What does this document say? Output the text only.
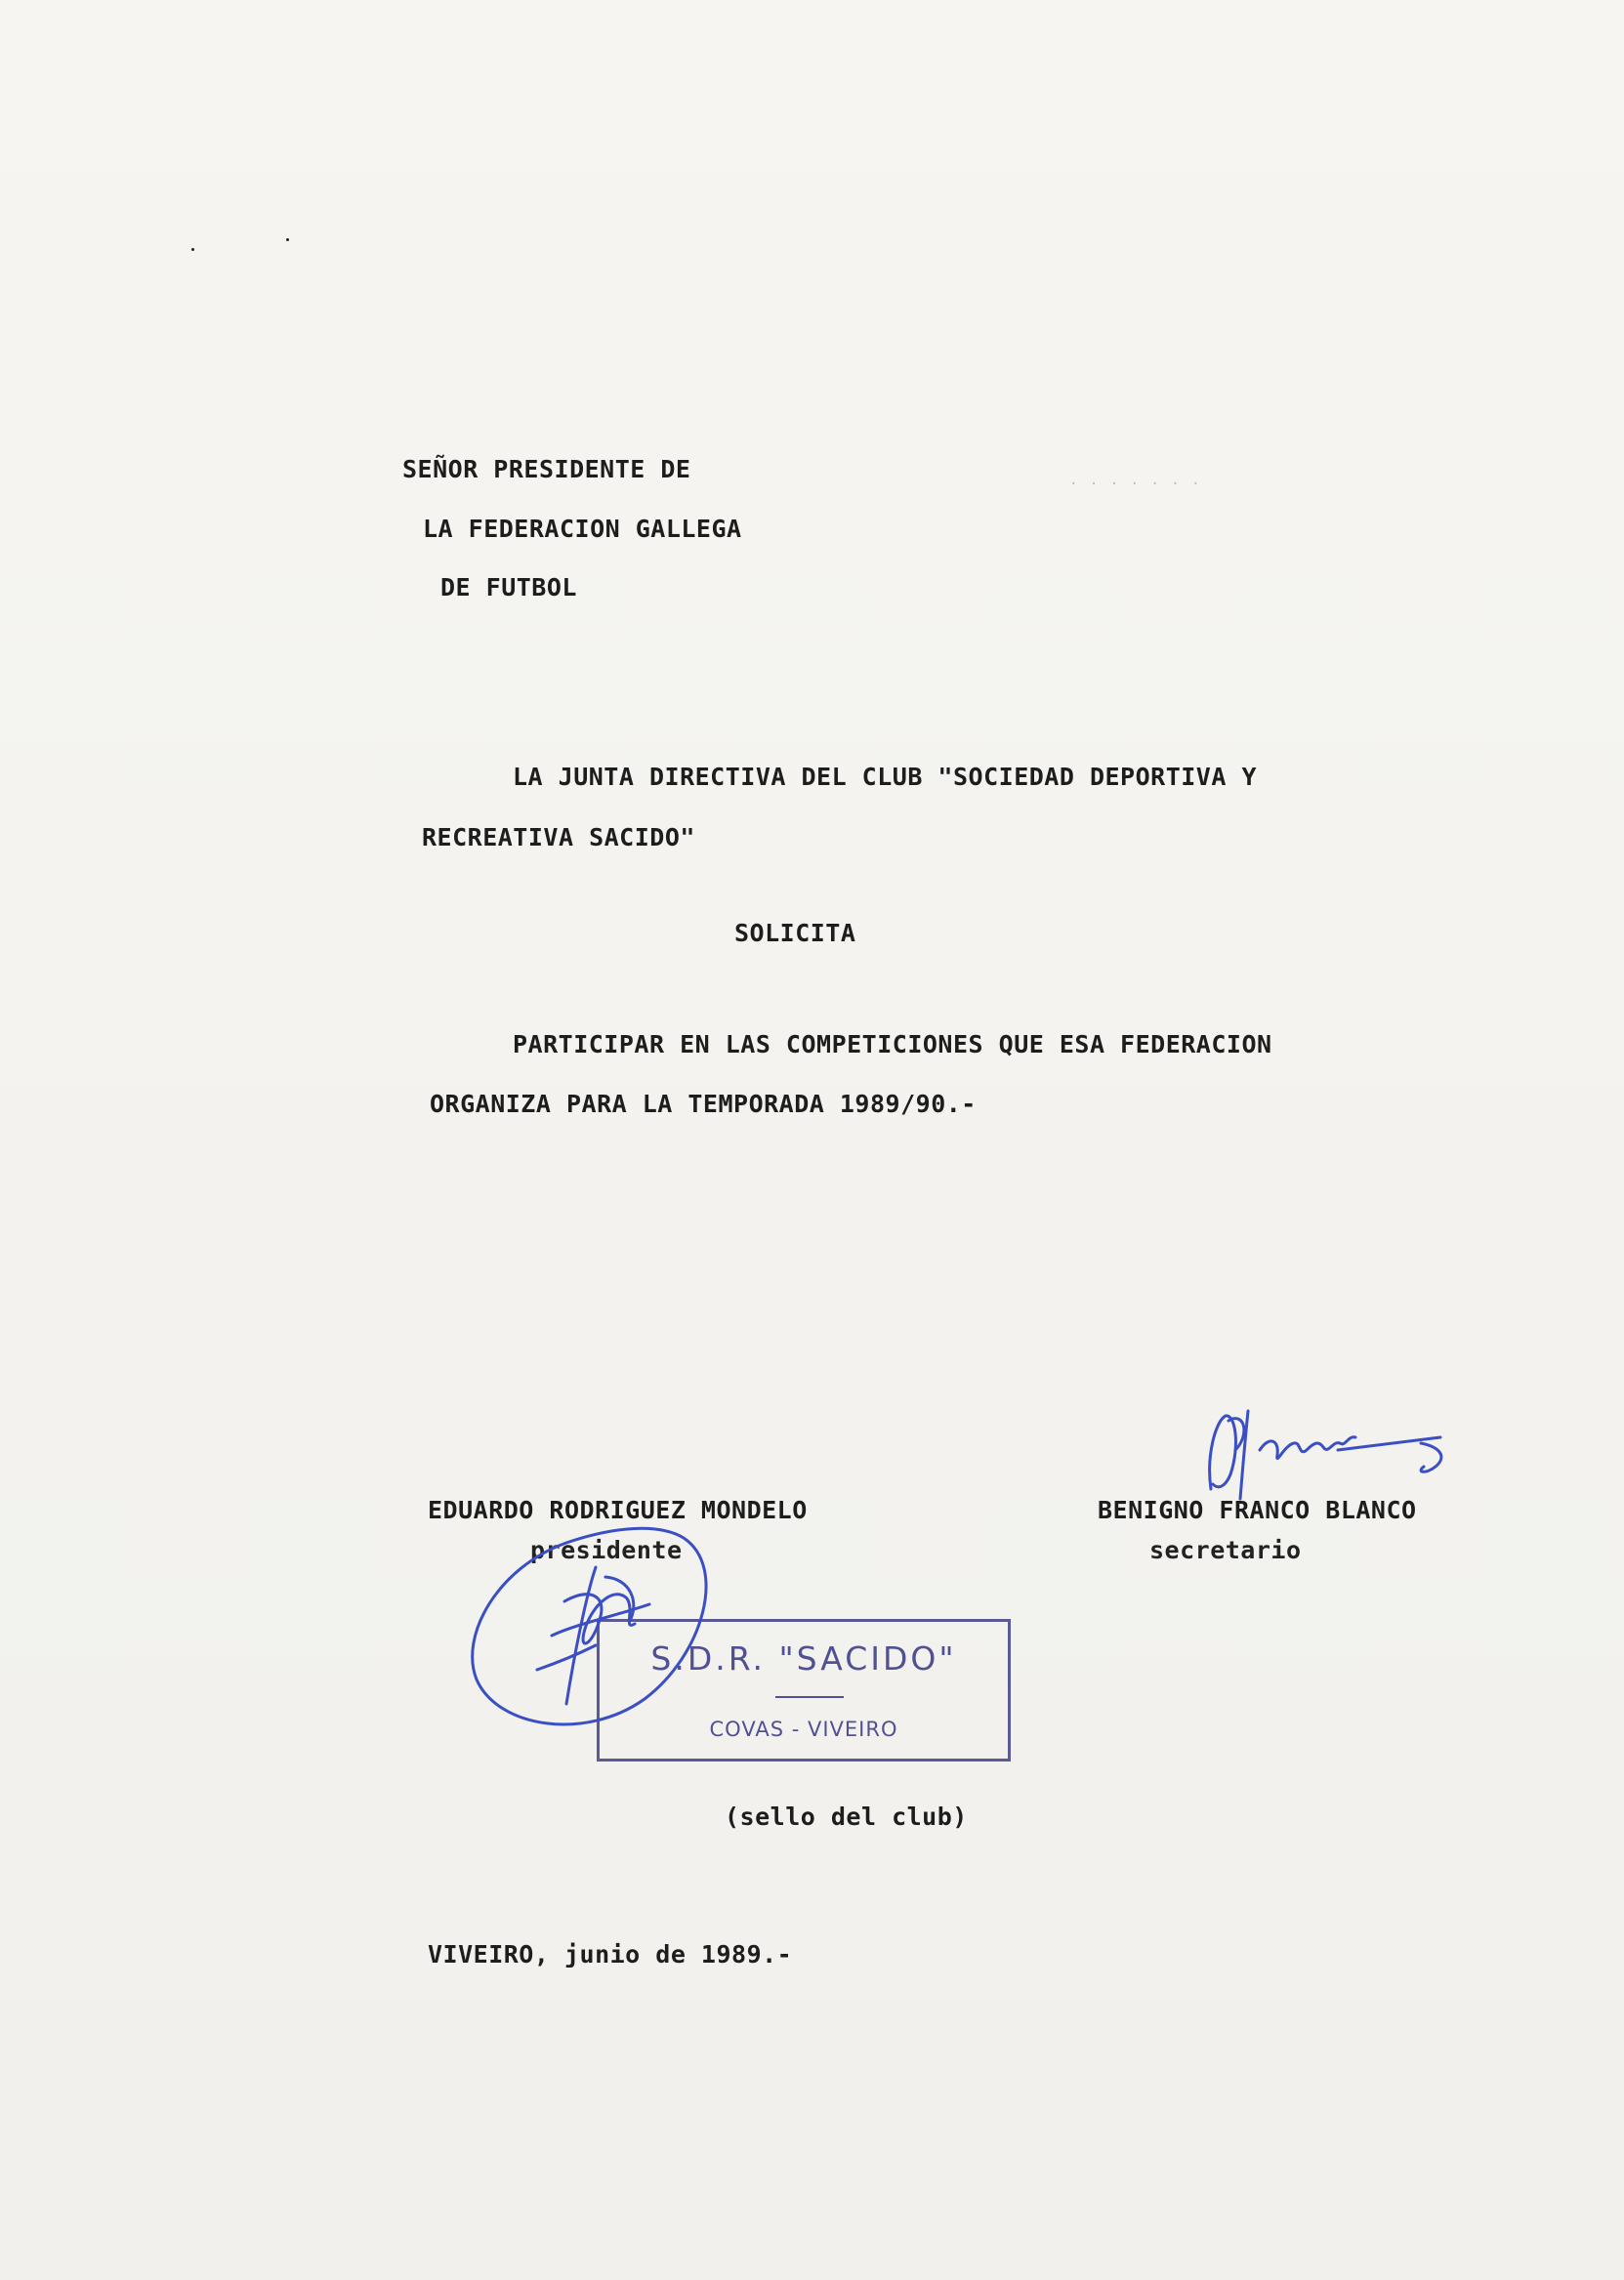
· · · · · · ·
SEÑOR PRESIDENTE DE
LA FEDERACION GALLEGA
DE FUTBOL
LA JUNTA DIRECTIVA DEL CLUB "SOCIEDAD DEPORTIVA Y
RECREATIVA SACIDO"
SOLICITA
PARTICIPAR EN LAS COMPETICIONES QUE ESA FEDERACION
ORGANIZA PARA LA TEMPORADA 1989/90.-
EDUARDO RODRIGUEZ MONDELO
presidente
BENIGNO FRANCO BLANCO
secretario
S.D.R. "SACIDO"
COVAS - VIVEIRO
(sello del club)
VIVEIRO, junio de 1989.-
